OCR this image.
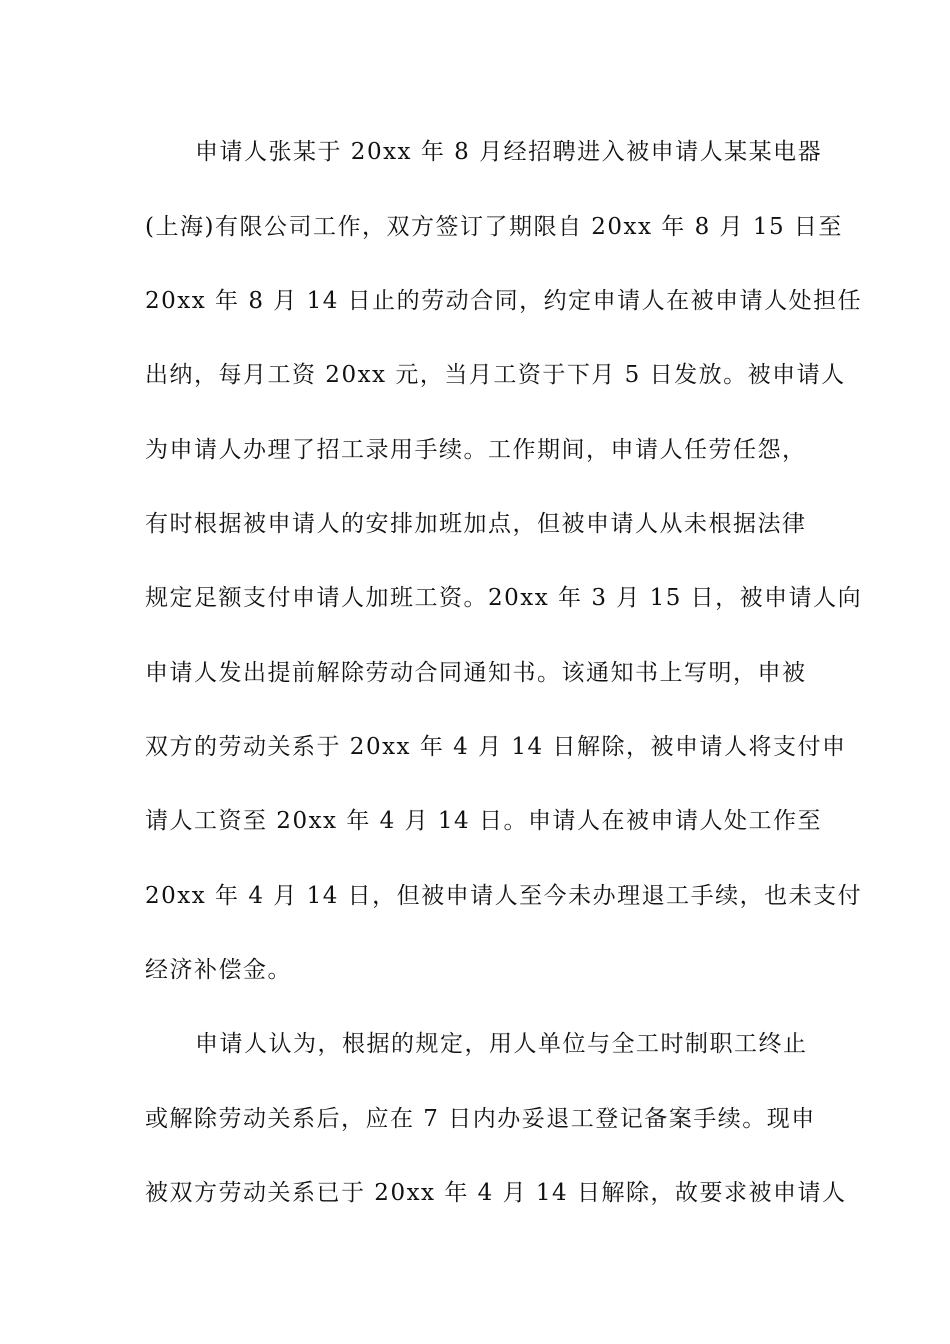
申请人张某于 20xx 年 8 月经招聘进入被申请人某某电器
(上海)有限公司工作，双方签订了期限自 20xx 年 8 月 15 日至
20xx 年 8 月 14 日止的劳动合同，约定申请人在被申请人处担任
出纳，每月工资 20xx 元，当月工资于下月 5 日发放。被申请人
为申请人办理了招工录用手续。工作期间，申请人任劳任怨，
有时根据被申请人的安排加班加点，但被申请人从未根据法律
规定足额支付申请人加班工资。20xx 年 3 月 15 日，被申请人向
申请人发出提前解除劳动合同通知书。该通知书上写明，申被
双方的劳动关系于 20xx 年 4 月 14 日解除，被申请人将支付申
请人工资至 20xx 年 4 月 14 日。申请人在被申请人处工作至
20xx 年 4 月 14 日，但被申请人至今未办理退工手续，也未支付
经济补偿金。
申请人认为，根据的规定，用人单位与全工时制职工终止
或解除劳动关系后，应在 7 日内办妥退工登记备案手续。现申
被双方劳动关系已于 20xx 年 4 月 14 日解除，故要求被申请人
